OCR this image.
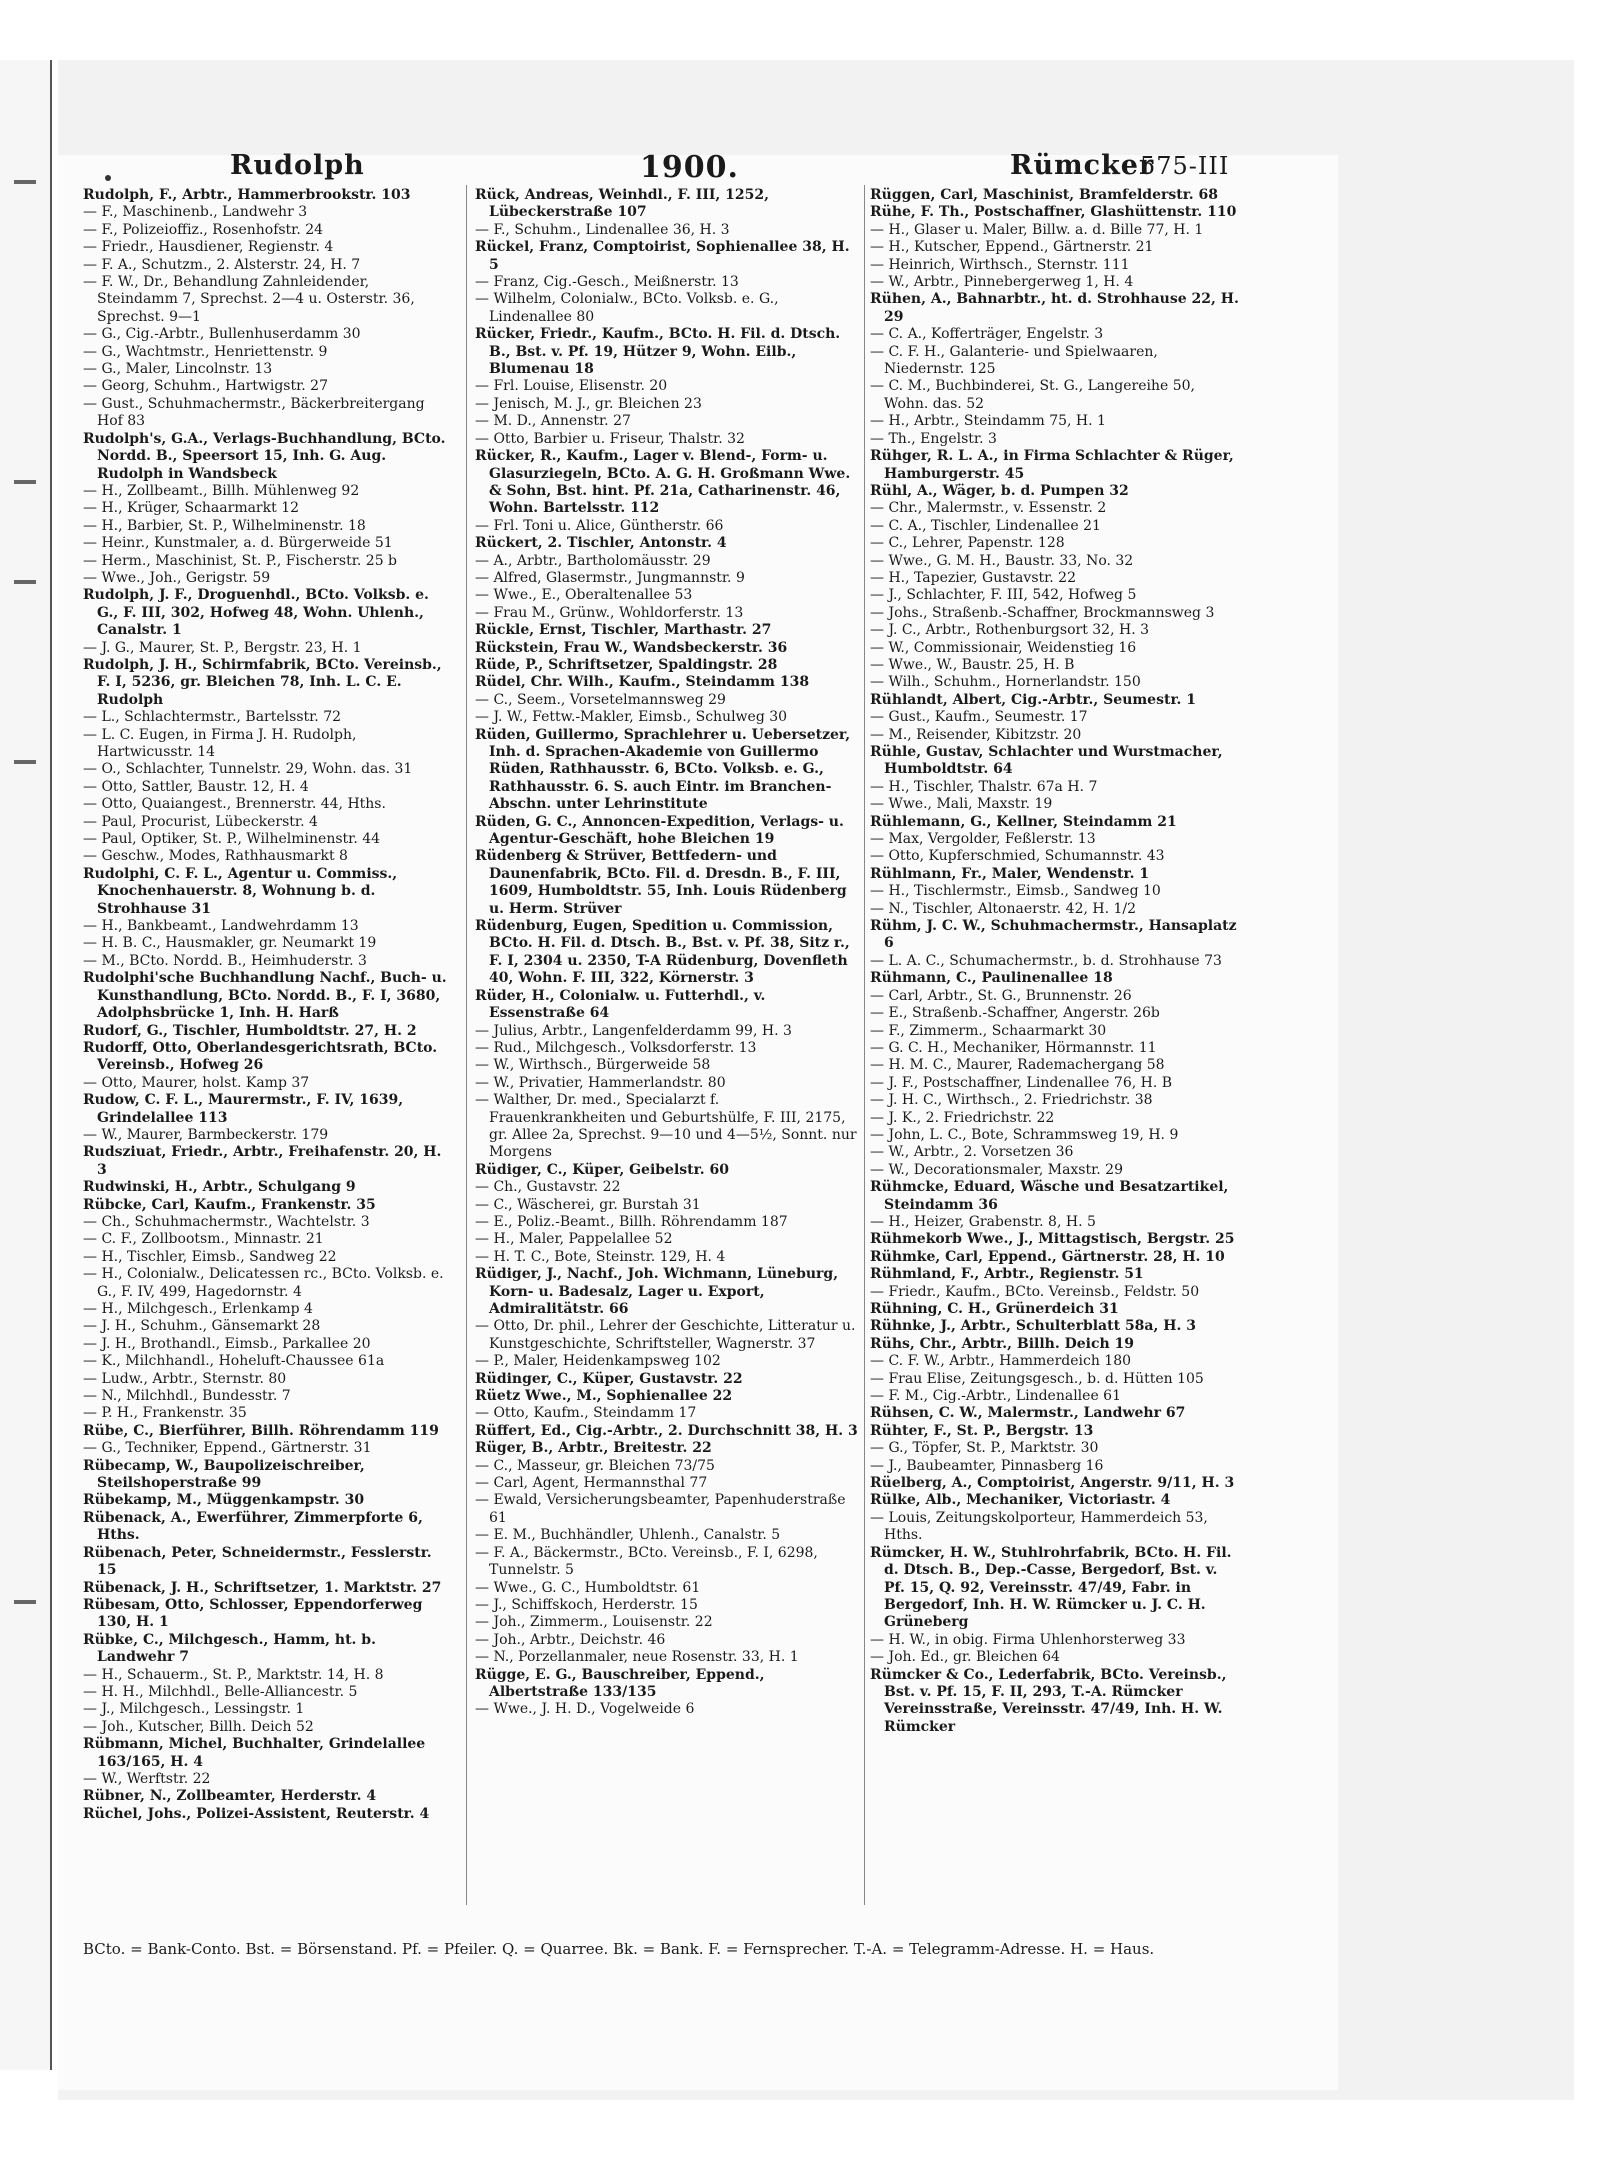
Rudolph	1900.	Rümcker
575-III

Rudolph, F., Arbtr., Hammerbrookstr. 103

— F., Maschinenb., Landwehr 3

— F., Polizeioffiz., Rosenhofstr. 24

— Friedr., Hausdiener, Regienstr. 4

— F. A., Schutzm., 2. Alsterstr. 24, H. 7

— F. W., Dr., Behandlung Zahnleidender, Steindamm 7, Sprechst. 2—4 u. Osterstr. 36, Sprechst. 9—1

— G., Cig.-Arbtr., Bullenhuserdamm 30

— G., Wachtmstr., Henriettenstr. 9

— G., Maler, Lincolnstr. 13

— Georg, Schuhm., Hartwigstr. 27

— Gust., Schuhmachermstr., Bäckerbreitergang Hof 83

Rudolph's, G.A., Verlags-Buchhandlung, BCto. Nordd. B., Speersort 15, Inh. G. Aug. Rudolph in Wandsbeck

— H., Zollbeamt., Billh. Mühlenweg 92

— H., Krüger, Schaarmarkt 12

— H., Barbier, St. P., Wilhelminenstr. 18

— Heinr., Kunstmaler, a. d. Bürgerweide 51

— Herm., Maschinist, St. P., Fischerstr. 25 b

— Wwe., Joh., Gerigstr. 59

Rudolph, J. F., Droguenhdl., BCto. Volksb. e. G., F. III, 302, Hofweg 48, Wohn. Uhlenh., Canalstr. 1

— J. G., Maurer, St. P., Bergstr. 23, H. 1

Rudolph, J. H., Schirmfabrik, BCto. Vereinsb., F. I, 5236, gr. Bleichen 78, Inh. L. C. E. Rudolph

— L., Schlachtermstr., Bartelsstr. 72

— L. C. Eugen, in Firma J. H. Rudolph, Hartwicusstr. 14

— O., Schlachter, Tunnelstr. 29, Wohn. das. 31

— Otto, Sattler, Baustr. 12, H. 4

— Otto, Quaiangest., Brennerstr. 44, Hths.

— Paul, Procurist, Lübeckerstr. 4

— Paul, Optiker, St. P., Wilhelminenstr. 44

— Geschw., Modes, Rathhausmarkt 8

Rudolphi, C. F. L., Agentur u. Commiss., Knochenhauerstr. 8, Wohnung b. d. Strohhause 31

— H., Bankbeamt., Landwehrdamm 13

— H. B. C., Hausmakler, gr. Neumarkt 19

— M., BCto. Nordd. B., Heimhuderstr. 3

Rudolphi'sche Buchhandlung Nachf., Buch- u. Kunsthandlung, BCto. Nordd. B., F. I, 3680, Adolphsbrücke 1, Inh. H. Harß

Rudorf, G., Tischler, Humboldtstr. 27, H. 2

Rudorff, Otto, Oberlandesgerichtsrath, BCto. Vereinsb., Hofweg 26

— Otto, Maurer, holst. Kamp 37

Rudow, C. F. L., Maurermstr., F. IV, 1639, Grindelallee 113

— W., Maurer, Barmbeckerstr. 179

Rudsziuat, Friedr., Arbtr., Freihafenstr. 20, H. 3

Rudwinski, H., Arbtr., Schulgang 9

Rübcke, Carl, Kaufm., Frankenstr. 35

— Ch., Schuhmachermstr., Wachtelstr. 3

— C. F., Zollbootsm., Minnastr. 21

— H., Tischler, Eimsb., Sandweg 22

— H., Colonialw., Delicatessen rc., BCto. Volksb. e. G., F. IV, 499, Hagedornstr. 4

— H., Milchgesch., Erlenkamp 4

— J. H., Schuhm., Gänsemarkt 28

— J. H., Brothandl., Eimsb., Parkallee 20

— K., Milchhandl., Hoheluft-Chaussee 61a

— Ludw., Arbtr., Sternstr. 80

— N., Milchhdl., Bundesstr. 7

— P. H., Frankenstr. 35

Rübe, C., Bierführer, Billh. Röhrendamm 119

— G., Techniker, Eppend., Gärtnerstr. 31

Rübecamp, W., Baupolizeischreiber, Steilshoperstraße 99

Rübekamp, M., Müggenkampstr. 30

Rübenack, A., Ewerführer, Zimmerpforte 6, Hths.

Rübenach, Peter, Schneidermstr., Fesslerstr. 15

Rübenack, J. H., Schriftsetzer, 1. Marktstr. 27

Rübesam, Otto, Schlosser, Eppendorferweg 130, H. 1

Rübke, C., Milchgesch., Hamm, ht. b. Landwehr 7

— H., Schauerm., St. P., Marktstr. 14, H. 8

— H. H., Milchhdl., Belle-Alliancestr. 5

— J., Milchgesch., Lessingstr. 1

— Joh., Kutscher, Billh. Deich 52

Rübmann, Michel, Buchhalter, Grindelallee 163/165, H. 4

— W., Werftstr. 22

Rübner, N., Zollbeamter, Herderstr. 4

Rüchel, Johs., Polizei-Assistent, Reuterstr. 4

Rück, Andreas, Weinhdl., F. III, 1252, Lübeckerstraße 107

— F., Schuhm., Lindenallee 36, H. 3

Rückel, Franz, Comptoirist, Sophienallee 38, H. 5

— Franz, Cig.-Gesch., Meißnerstr. 13

— Wilhelm, Colonialw., BCto. Volksb. e. G., Lindenallee 80

Rücker, Friedr., Kaufm., BCto. H. Fil. d. Dtsch. B., Bst. v. Pf. 19, Hützer 9, Wohn. Eilb., Blumenau 18

— Frl. Louise, Elisenstr. 20

— Jenisch, M. J., gr. Bleichen 23

— M. D., Annenstr. 27

— Otto, Barbier u. Friseur, Thalstr. 32

Rücker, R., Kaufm., Lager v. Blend-, Form- u. Glasurziegeln, BCto. A. G. H. Großmann Wwe. & Sohn, Bst. hint. Pf. 21a, Catharinenstr. 46, Wohn. Bartelsstr. 112

— Frl. Toni u. Alice, Güntherstr. 66

Rückert, 2. Tischler, Antonstr. 4

— A., Arbtr., Bartholomäusstr. 29

— Alfred, Glasermstr., Jungmannstr. 9

— Wwe., E., Oberaltenallee 53

— Frau M., Grünw., Wohldorferstr. 13

Rückle, Ernst, Tischler, Marthastr. 27

Rückstein, Frau W., Wandsbeckerstr. 36

Rüde, P., Schriftsetzer, Spaldingstr. 28

Rüdel, Chr. Wilh., Kaufm., Steindamm 138

— C., Seem., Vorsetelmannsweg 29

— J. W., Fettw.-Makler, Eimsb., Schulweg 30

Rüden, Guillermo, Sprachlehrer u. Uebersetzer, Inh. d. Sprachen-Akademie von Guillermo Rüden, Rathhausstr. 6, BCto. Volksb. e. G., Rathhausstr. 6. S. auch Eintr. im Branchen-Abschn. unter Lehrinstitute

Rüden, G. C., Annoncen-Expedition, Verlags- u. Agentur-Geschäft, hohe Bleichen 19

Rüdenberg & Strüver, Bettfedern- und Daunenfabrik, BCto. Fil. d. Dresdn. B., F. III, 1609, Humboldtstr. 55, Inh. Louis Rüdenberg u. Herm. Strüver

Rüdenburg, Eugen, Spedition u. Commission, BCto. H. Fil. d. Dtsch. B., Bst. v. Pf. 38, Sitz r., F. I, 2304 u. 2350, T-A Rüdenburg, Dovenfleth 40, Wohn. F. III, 322, Körnerstr. 3

Rüder, H., Colonialw. u. Futterhdl., v. Essenstraße 64

— Julius, Arbtr., Langenfelderdamm 99, H. 3

— Rud., Milchgesch., Volksdorferstr. 13

— W., Wirthsch., Bürgerweide 58

— W., Privatier, Hammerlandstr. 80

— Walther, Dr. med., Specialarzt f. Frauenkrankheiten und Geburtshülfe, F. III, 2175, gr. Allee 2a, Sprechst. 9—10 und 4—5½, Sonnt. nur Morgens

Rüdiger, C., Küper, Geibelstr. 60

— Ch., Gustavstr. 22

— C., Wäscherei, gr. Burstah 31

— E., Poliz.-Beamt., Billh. Röhrendamm 187

— H., Maler, Pappelallee 52

— H. T. C., Bote, Steinstr. 129, H. 4

Rüdiger, J., Nachf., Joh. Wichmann, Lüneburg, Korn- u. Badesalz, Lager u. Export, Admiralitätstr. 66

— Otto, Dr. phil., Lehrer der Geschichte, Litteratur u. Kunstgeschichte, Schriftsteller, Wagnerstr. 37

— P., Maler, Heidenkampsweg 102

Rüdinger, C., Küper, Gustavstr. 22

Rüetz Wwe., M., Sophienallee 22

— Otto, Kaufm., Steindamm 17

Rüffert, Ed., Cig.-Arbtr., 2. Durchschnitt 38, H. 3

Rüger, B., Arbtr., Breitestr. 22

— C., Masseur, gr. Bleichen 73/75

— Carl, Agent, Hermannsthal 77

— Ewald, Versicherungsbeamter, Papenhuderstraße 61

— E. M., Buchhändler, Uhlenh., Canalstr. 5

— F. A., Bäckermstr., BCto. Vereinsb., F. I, 6298, Tunnelstr. 5

— Wwe., G. C., Humboldtstr. 61

— J., Schiffskoch, Herderstr. 15

— Joh., Zimmerm., Louisenstr. 22

— Joh., Arbtr., Deichstr. 46

— N., Porzellanmaler, neue Rosenstr. 33, H. 1

Rügge, E. G., Bauschreiber, Eppend., Albertstraße 133/135

— Wwe., J. H. D., Vogelweide 6

Rüggen, Carl, Maschinist, Bramfelderstr. 68

Rühe, F. Th., Postschaffner, Glashüttenstr. 110

— H., Glaser u. Maler, Billw. a. d. Bille 77, H. 1

— H., Kutscher, Eppend., Gärtnerstr. 21

— Heinrich, Wirthsch., Sternstr. 111

— W., Arbtr., Pinnebergerweg 1, H. 4

Rühen, A., Bahnarbtr., ht. d. Strohhause 22, H. 29

— C. A., Kofferträger, Engelstr. 3

— C. F. H., Galanterie- und Spielwaaren, Niedernstr. 125

— C. M., Buchbinderei, St. G., Langereihe 50, Wohn. das. 52

— H., Arbtr., Steindamm 75, H. 1

— Th., Engelstr. 3

Rühger, R. L. A., in Firma Schlachter & Rüger, Hamburgerstr. 45

Rühl, A., Wäger, b. d. Pumpen 32

— Chr., Malermstr., v. Essenstr. 2

— C. A., Tischler, Lindenallee 21

— C., Lehrer, Papenstr. 128

— Wwe., G. M. H., Baustr. 33, No. 32

— H., Tapezier, Gustavstr. 22

— J., Schlachter, F. III, 542, Hofweg 5

— Johs., Straßenb.-Schaffner, Brockmannsweg 3

— J. C., Arbtr., Rothenburgsort 32, H. 3

— W., Commissionair, Weidenstieg 16

— Wwe., W., Baustr. 25, H. B

— Wilh., Schuhm., Hornerlandstr. 150

Rühlandt, Albert, Cig.-Arbtr., Seumestr. 1

— Gust., Kaufm., Seumestr. 17

— M., Reisender, Kibitzstr. 20

Rühle, Gustav, Schlachter und Wurstmacher, Humboldtstr. 64

— H., Tischler, Thalstr. 67a H. 7

— Wwe., Mali, Maxstr. 19

Rühlemann, G., Kellner, Steindamm 21

— Max, Vergolder, Feßlerstr. 13

— Otto, Kupferschmied, Schumannstr. 43

Rühlmann, Fr., Maler, Wendenstr. 1

— H., Tischlermstr., Eimsb., Sandweg 10

— N., Tischler, Altonaerstr. 42, H. 1/2

Rühm, J. C. W., Schuhmachermstr., Hansaplatz 6

— L. A. C., Schumachermstr., b. d. Strohhause 73

Rühmann, C., Paulinenallee 18

— Carl, Arbtr., St. G., Brunnenstr. 26

— E., Straßenb.-Schaffner, Angerstr. 26b

— F., Zimmerm., Schaarmarkt 30

— G. C. H., Mechaniker, Hörmannstr. 11

— H. M. C., Maurer, Rademachergang 58

— J. F., Postschaffner, Lindenallee 76, H. B

— J. H. C., Wirthsch., 2. Friedrichstr. 38

— J. K., 2. Friedrichstr. 22

— John, L. C., Bote, Schrammsweg 19, H. 9

— W., Arbtr., 2. Vorsetzen 36

— W., Decorationsmaler, Maxstr. 29

Rühmcke, Eduard, Wäsche und Besatzartikel, Steindamm 36

— H., Heizer, Grabenstr. 8, H. 5

Rühmekorb Wwe., J., Mittagstisch, Bergstr. 25

Rühmke, Carl, Eppend., Gärtnerstr. 28, H. 10

Rühmland, F., Arbtr., Regienstr. 51

— Friedr., Kaufm., BCto. Vereinsb., Feldstr. 50

Rühning, C. H., Grünerdeich 31

Rühnke, J., Arbtr., Schulterblatt 58a, H. 3

Rühs, Chr., Arbtr., Billh. Deich 19

— C. F. W., Arbtr., Hammerdeich 180

— Frau Elise, Zeitungsgesch., b. d. Hütten 105

— F. M., Cig.-Arbtr., Lindenallee 61

Rühsen, C. W., Malermstr., Landwehr 67

Rühter, F., St. P., Bergstr. 13

— G., Töpfer, St. P., Marktstr. 30

— J., Baubeamter, Pinnasberg 16

Rüelberg, A., Comptoirist, Angerstr. 9/11, H. 3

Rülke, Alb., Mechaniker, Victoriastr. 4

— Louis, Zeitungskolporteur, Hammerdeich 53, Hths.

Rümcker, H. W., Stuhlrohrfabrik, BCto. H. Fil. d. Dtsch. B., Dep.-Casse, Bergedorf, Bst. v. Pf. 15, Q. 92, Vereinsstr. 47/49, Fabr. in Bergedorf, Inh. H. W. Rümcker u. J. C. H. Grüneberg

— H. W., in obig. Firma Uhlenhorsterweg 33

— Joh. Ed., gr. Bleichen 64

Rümcker & Co., Lederfabrik, BCto. Vereinsb., Bst. v. Pf. 15, F. II, 293, T.-A. Rümcker Vereinsstraße, Vereinsstr. 47/49, Inh. H. W. Rümcker

BCto. = Bank-Conto. Bst. = Börsenstand. Pf. = Pfeiler. Q. = Quarree. Bk. = Bank. F. = Fernsprecher. T.-A. = Telegramm-Adresse. H. = Haus.
